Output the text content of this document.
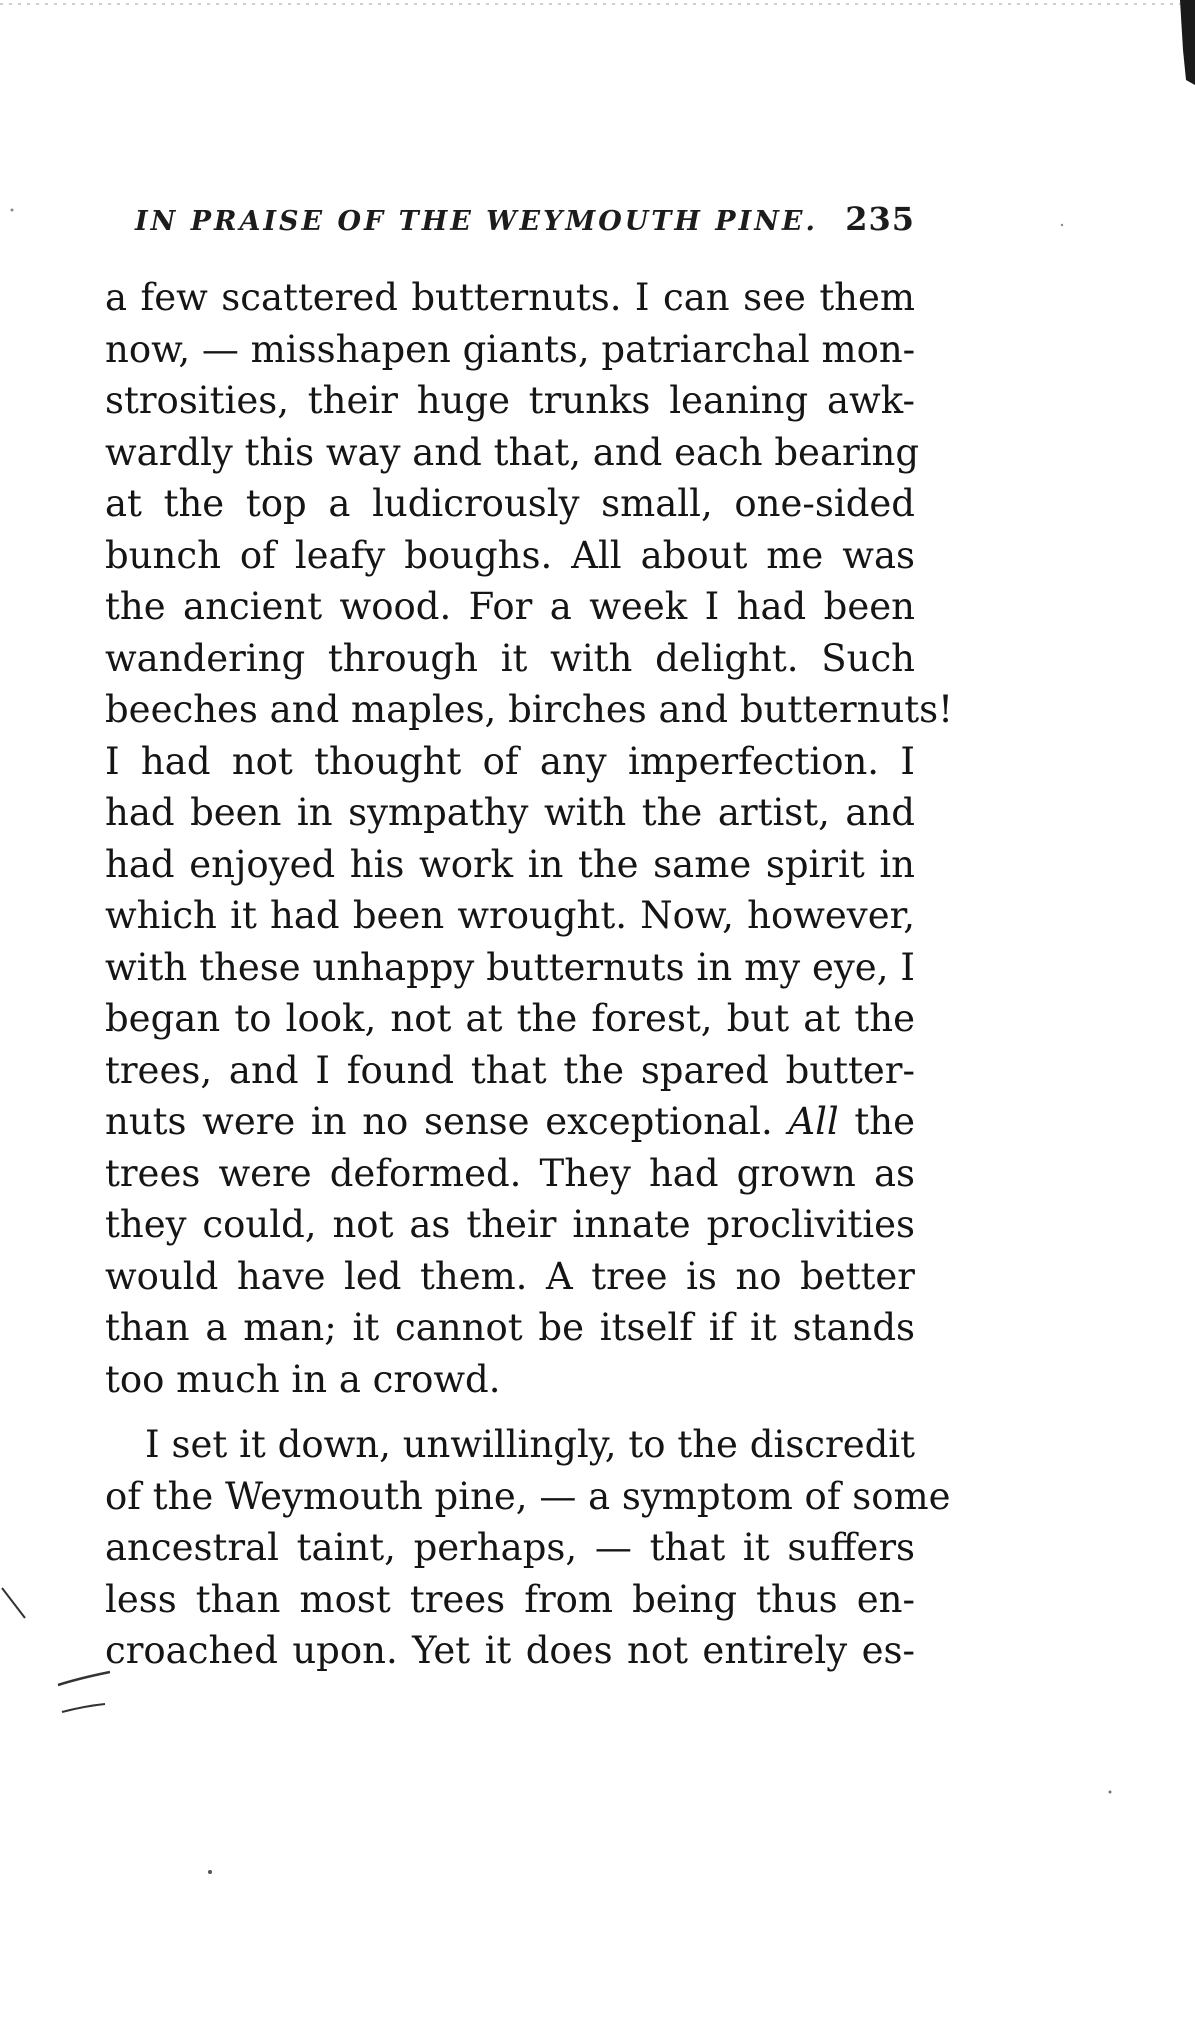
IN PRAISE OF THE WEYMOUTH PINE. 235
a few scattered butternuts. I can see them
now, — misshapen giants, patriarchal mon-
strosities, their huge trunks leaning awk-
wardly this way and that, and each bearing
at the top a ludicrously small, one-sided
bunch of leafy boughs. All about me was
the ancient wood. For a week I had been
wandering through it with delight. Such
beeches and maples, birches and butternuts!
I had not thought of any imperfection. I
had been in sympathy with the artist, and
had enjoyed his work in the same spirit in
which it had been wrought. Now, however,
with these unhappy butternuts in my eye, I
began to look, not at the forest, but at the
trees, and I found that the spared butter-
nuts were in no sense exceptional. All the
trees were deformed. They had grown as
they could, not as their innate proclivities
would have led them. A tree is no better
than a man; it cannot be itself if it stands
too much in a crowd.
I set it down, unwillingly, to the discredit
of the Weymouth pine, — a symptom of some
ancestral taint, perhaps, — that it suffers
less than most trees from being thus en-
croached upon. Yet it does not entirely es-
